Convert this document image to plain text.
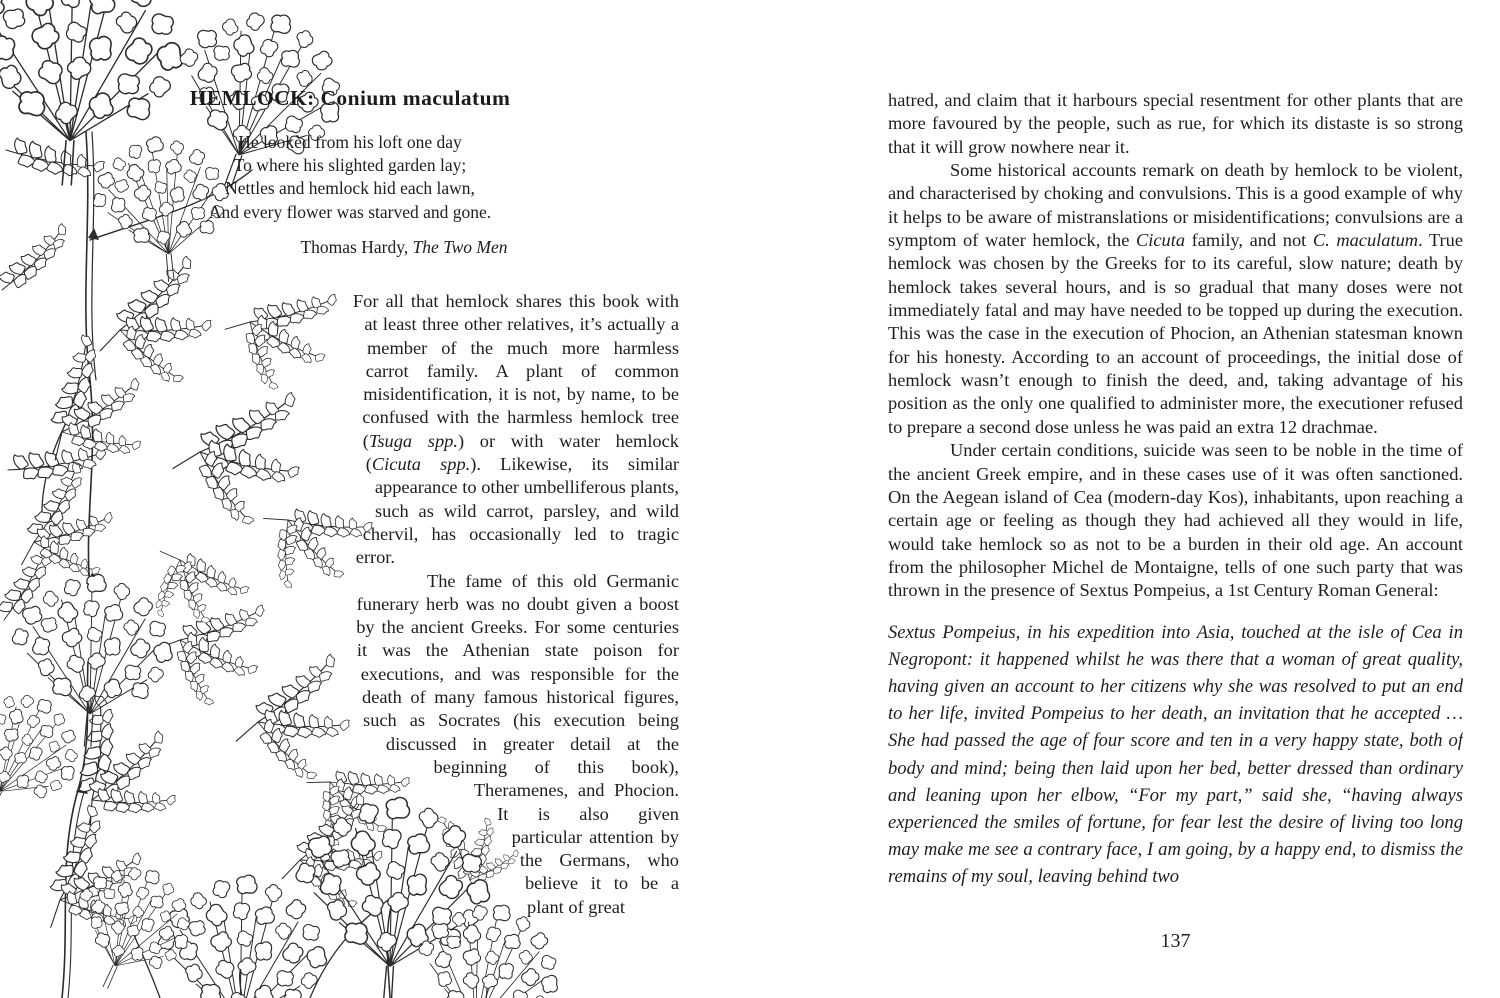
HEMLOCK: Conium maculatum
He lookèd from his loft one day
To where his slighted garden lay;
Nettles and hemlock hid each lawn,
And every flower was starved and gone.
Thomas Hardy, The Two Men

For all that hemlock shares this book with at least three other relatives, it’s actually a member of the much more harmless carrot family. A plant of common misidentification, it is not, by name, to be confused with the harmless hemlock tree (Tsuga spp.) or with water hemlock (Cicuta spp.). Likewise, its similar appearance to other umbelliferous plants, such as wild carrot, parsley, and wild chervil, has occasionally led to tragic error.

The fame of this old Germanic funerary herb was no doubt given a boost by the ancient Greeks. For some centuries it was the Athenian state poison for executions, and was responsible for the death of many famous historical figures, such as Socrates (his execution being discussed in greater detail at the beginning of this book), Theramenes, and Phocion. It is also given particular attention by the Germans, who believe it to be a plant of great

hatred, and claim that it harbours special resentment for other plants that are more favoured by the people, such as rue, for which its distaste is so strong that it will grow nowhere near it.

Some historical accounts remark on death by hemlock to be violent, and characterised by choking and convulsions. This is a good example of why it helps to be aware of mistranslations or misidentifications; convulsions are a symptom of water hemlock, the Cicuta family, and not C. maculatum. True hemlock was chosen by the Greeks for to its careful, slow nature; death by hemlock takes several hours, and is so gradual that many doses were not immediately fatal and may have needed to be topped up during the execution. This was the case in the execution of Phocion, an Athenian statesman known for his honesty. According to an account of proceedings, the initial dose of hemlock wasn’t enough to finish the deed, and, taking advantage of his position as the only one qualified to administer more, the executioner refused to prepare a second dose unless he was paid an extra 12 drachmae.

Under certain conditions, suicide was seen to be noble in the time of the ancient Greek empire, and in these cases use of it was often sanctioned. On the Aegean island of Cea (modern-day Kos), inhabitants, upon reaching a certain age or feeling as though they had achieved all they would in life, would take hemlock so as not to be a burden in their old age. An account from the philosopher Michel de Montaigne, tells of one such party that was thrown in the presence of Sextus Pompeius, a 1st Century Roman General:

Sextus Pompeius, in his expedition into Asia, touched at the isle of Cea in Negropont: it happened whilst he was there that a woman of great quality, having given an account to her citizens why she was resolved to put an end to her life, invited Pompeius to her death, an invitation that he accepted … She had passed the age of four score and ten in a very happy state, both of body and mind; being then laid upon her bed, better dressed than ordinary and leaning upon her elbow, “For my part,” said she, “having always experienced the smiles of fortune, for fear lest the desire of living too long may make me see a contrary face, I am going, by a happy end, to dismiss the remains of my soul, leaving behind two
137
